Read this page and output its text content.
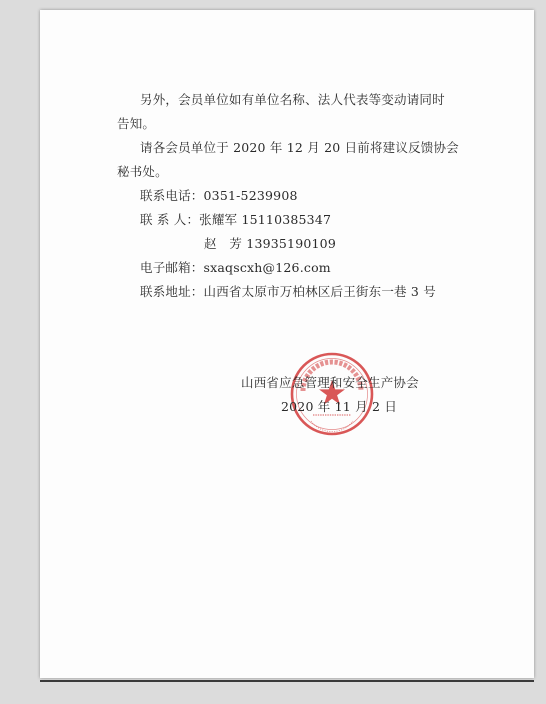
另外，会员单位如有单位名称、法人代表等变动请同时
告知。
请各会员单位于 2020 年 12 月 20 日前将建议反馈协会
秘书处。
联系电话：0351-5239908
联 系 人：张耀军 15110385347
赵　芳 13935190109
电子邮箱：sxaqscxh@126.com
联系地址：山西省太原市万柏林区后王街东一巷 3 号
山西省应急管理和安全生产协会
2020 年 11 月 2 日
